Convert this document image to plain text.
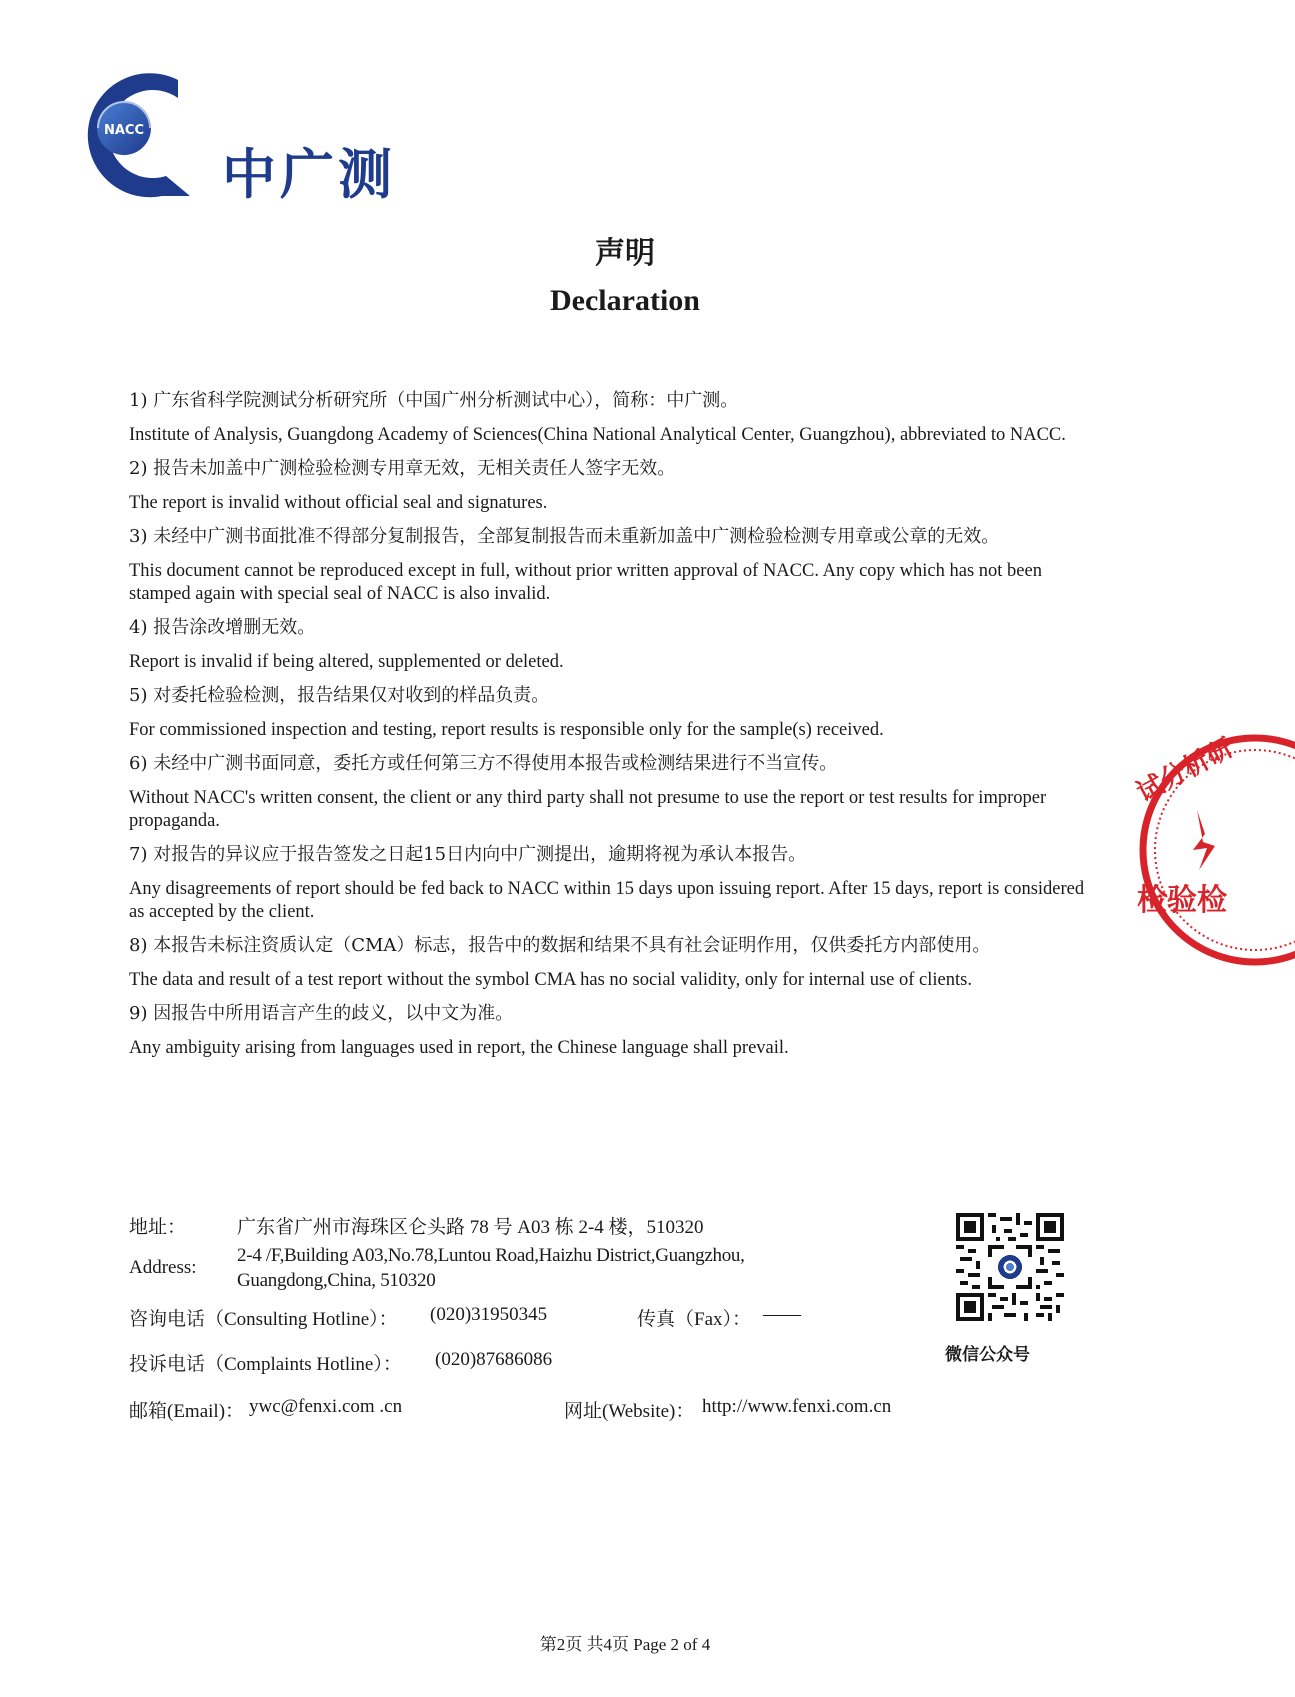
NACC
中广测
声明
Declaration
1) 广东省科学院测试分析研究所（中国广州分析测试中心），简称：中广测。
Institute of Analysis, Guangdong Academy of Sciences(China National Analytical Center, Guangzhou), abbreviated to NACC.
2) 报告未加盖中广测检验检测专用章无效，无相关责任人签字无效。
The report is invalid without official seal and signatures.
3) 未经中广测书面批准不得部分复制报告，全部复制报告而未重新加盖中广测检验检测专用章或公章的无效。
This document cannot be reproduced except in full, without prior written approval of NACC. Any copy which has not been stamped again with special seal of NACC is also invalid.
4) 报告涂改增删无效。
Report is invalid if being altered, supplemented or deleted.
5) 对委托检验检测，报告结果仅对收到的样品负责。
For commissioned inspection and testing, report results is responsible only for the sample(s) received.
6) 未经中广测书面同意，委托方或任何第三方不得使用本报告或检测结果进行不当宣传。
Without NACC's written consent, the client or any third party shall not presume to use the report or test results for improper propaganda.
7) 对报告的异议应于报告签发之日起15日内向中广测提出，逾期将视为承认本报告。
Any disagreements of report should be fed back to NACC within 15 days upon issuing report. After 15 days, report is considered as accepted by the client.
8) 本报告未标注资质认定（CMA）标志，报告中的数据和结果不具有社会证明作用，仅供委托方内部使用。
The data and result of a test report without the symbol CMA has no social validity, only for internal use of clients.
9) 因报告中所用语言产生的歧义，以中文为准。
Any ambiguity arising from languages used in report, the Chinese language shall prevail.
地址：	广东省广州市海珠区仑头路 78 号 A03 栋 2-4 楼，510320
Address:
2-4 /F,Building A03,No.78,Luntou Road,Haizhu District,Guangzhou,
Guangdong,China, 510320
咨询电话（Consulting Hotline）： (020)31950345	传真（Fax）： ——
投诉电话（Complaints Hotline）： (020)87686086
邮箱(Email)： ywc@fenxi.com .cn	网址(Website)： http://www.fenxi.com.cn
微信公众号
试分析研
检验检
第2页 共4页 Page 2 of 4
